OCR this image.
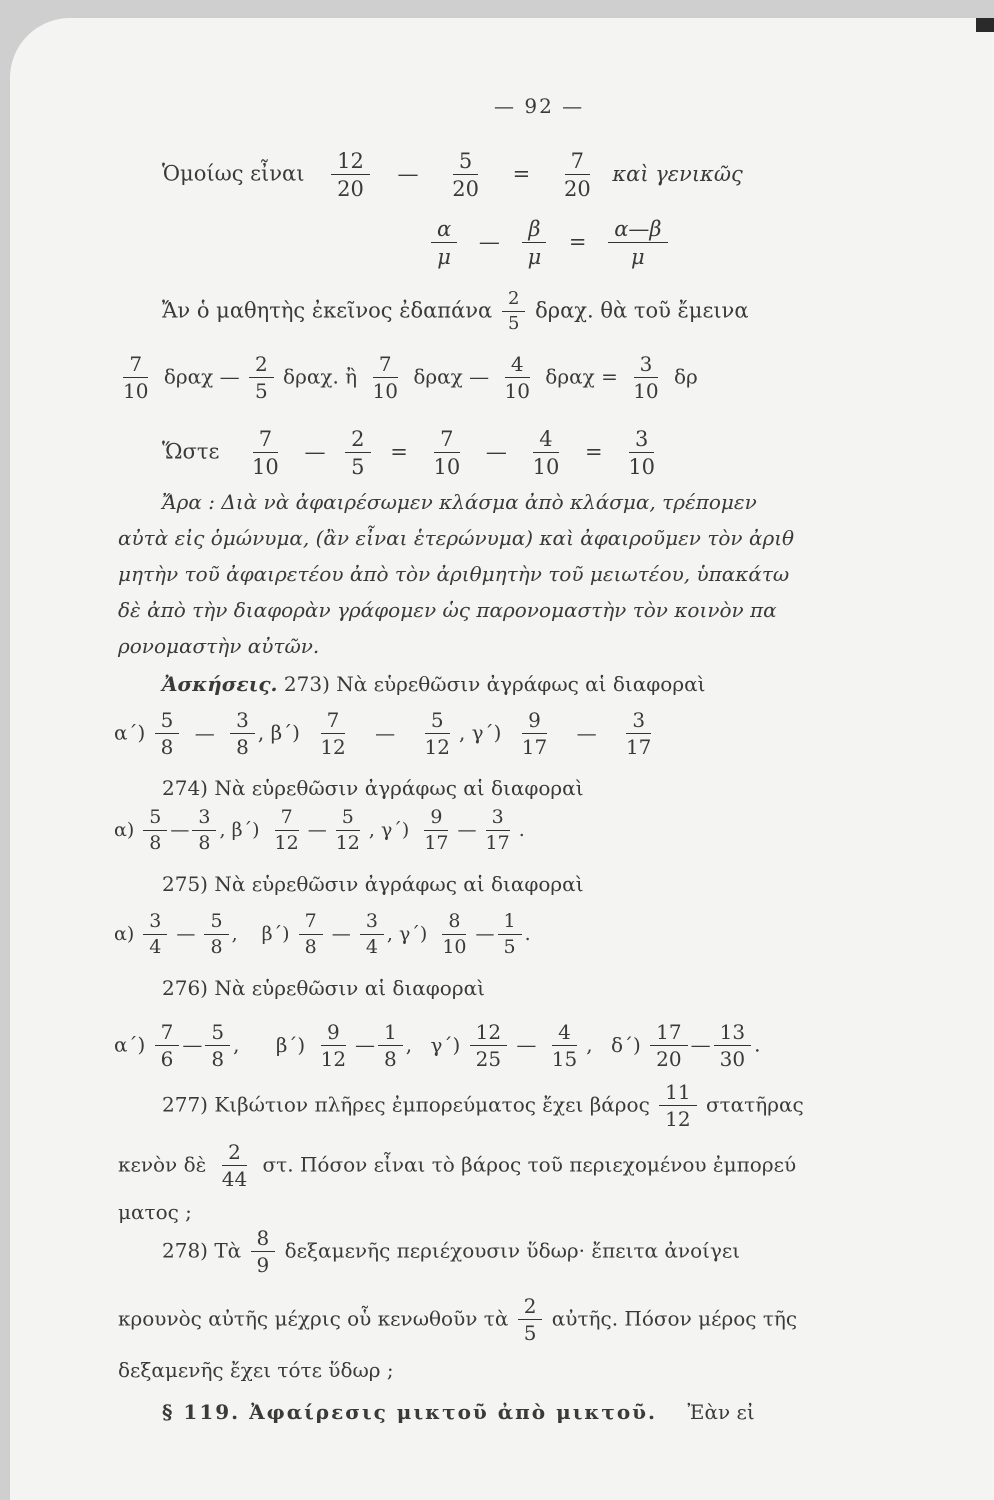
— 92 —
Ὁμοίως εἶναι $\frac{12}{20}$ — $\frac{5}{20} = \frac{7}{20}$ καὶ γενικῶς
$\frac{\alpha}{\mu}$ — $\frac{\beta}{\mu} = \frac{\alpha—\beta}{\mu}$
Ἄν ὁ μαθητὴς ἐκεῖνος ἐδαπάνα $\frac{2}{5} \delta\rho\alpha\chi$. θὰ τοῦ ἔμεινα
$\frac{7}{10}$ δραχ — $\frac{2}{5} \delta\rho\alpha\chi$. ἢ $\frac{7}{10}$ δραχ — $\frac{4}{10}$ $\delta\rho\alpha\chi = \frac{3}{10}$ δρ
Ὥστε $\frac{7}{10}$ — $\frac{2}{5} = \frac{7}{10}$ — $\frac{4}{10} = \frac{3}{10}$
Ἄρα : Διὰ νὰ ἀφαιρέσωμεν κλάσμα ἀπὸ κλάσμα, τρέπομεν
αὐτὰ εἰς ὁμώνυμα, (ἂν εἶναι ἑτερώνυμα) καὶ ἀφαιροῦμεν τὸν ἀριθ
μητὴν τοῦ ἀφαιρετέου ἀπὸ τὸν ἀριθμητὴν τοῦ μειωτέου, ὑπακάτω
δὲ ἀπὸ τὴν διαφορὰν γράφομεν ὡς παρονομαστὴν τὸν κοινὸν πα
ρονομαστὴν αὐτῶν.
Ἀσκήσεις. 273) Νὰ εὑρεθῶσιν ἀγράφως αἱ διαφοραὶ
$\alpha΄) \frac{5}{8}$ — $\frac{3}{8}$ , $\beta΄) \frac{7}{12}$ — $\frac{5}{12}$ , $\gamma΄) \frac{9}{17}$ — $\frac{3}{17}$
274) Νὰ εὑρεθῶσιν ἀγράφως αἱ διαφοραὶ
$\alpha) \frac{5}{8}$ — $\frac{3}{8}$ , $\beta΄) \frac{7}{12}$ — $\frac{5}{12}$ , $\gamma΄) \frac{9}{17}$ — $\frac{3}{17}$ .
275) Νὰ εὑρεθῶσιν ἀγράφως αἱ διαφοραὶ
$\alpha) \frac{3}{4}$ — $\frac{5}{8}$ , $\beta΄) \frac{7}{8}$ — $\frac{3}{4}$ , $\gamma΄) \frac{8}{10}$ — $\frac{1}{5}$ .
276) Νὰ εὑρεθῶσιν αἱ διαφοραὶ
$\alpha΄) \frac{7}{6}$ — $\frac{5}{8}$ , $\beta΄) \frac{9}{12}$ — $\frac{1}{8}$ , $\gamma΄) \frac{12}{25}$ — $\frac{4}{15}$ , $\delta΄) \frac{17}{20}$ — $\frac{13}{30}$ .
277) Κιβώτιον πλῆρες ἐμπορεύματος ἔχει βάρος $\frac{11}{12}$ στατῆρας
κενὸν δὲ $\frac{2}{44} \sigma\tau$. Πόσον εἶναι τὸ βάρος τοῦ περιεχομένου ἐμπορεύ
ματος ;
278) Τὰ $\frac{8}{9}$ δεξαμενῆς περιέχουσιν ὕδωρ· ἔπειτα ἀνοίγει
κρουνὸς αὐτῆς μέχρις οὗ κενωθοῦν τὰ $\frac{2}{5}$ αὐτῆς. Πόσον μέρος τῆς
δεξαμενῆς ἔχει τότε ὕδωρ ;
§ 119. Ἀφαίρεσις μικτοῦ ἀπὸ μικτοῦ. Ἐὰν εἰ
